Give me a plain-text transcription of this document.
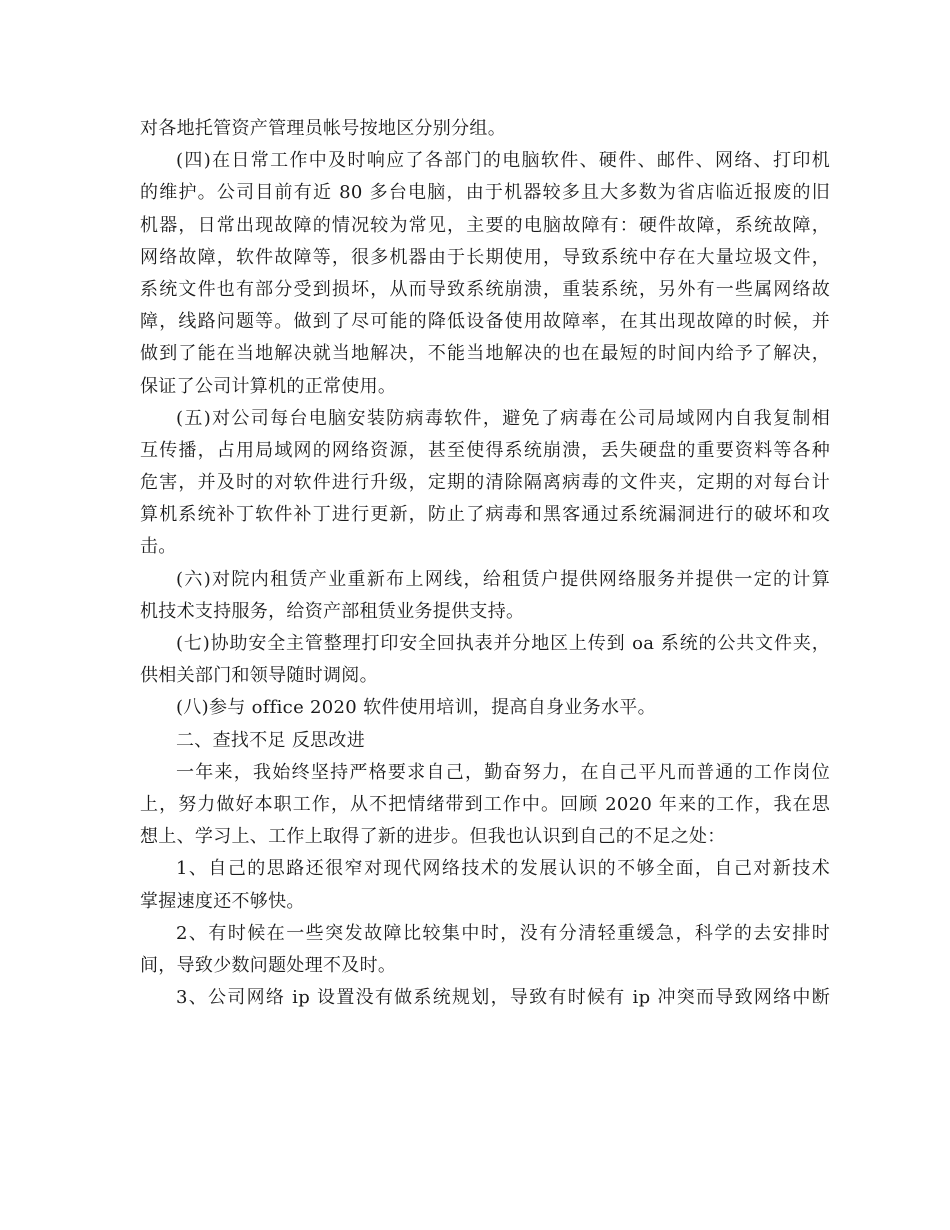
对各地托管资产管理员帐号按地区分别分组。
(四)在日常工作中及时响应了各部门的电脑软件、硬件、邮件、网络、打印机
的维护。公司目前有近 80 多台电脑，由于机器较多且大多数为省店临近报废的旧
机器，日常出现故障的情况较为常见，主要的电脑故障有：硬件故障，系统故障，
网络故障，软件故障等，很多机器由于长期使用，导致系统中存在大量垃圾文件，
系统文件也有部分受到损坏，从而导致系统崩溃，重装系统，另外有一些属网络故
障，线路问题等。做到了尽可能的降低设备使用故障率，在其出现故障的时候，并
做到了能在当地解决就当地解决，不能当地解决的也在最短的时间内给予了解决，
保证了公司计算机的正常使用。
(五)对公司每台电脑安装防病毒软件，避免了病毒在公司局域网内自我复制相
互传播，占用局域网的网络资源，甚至使得系统崩溃，丢失硬盘的重要资料等各种
危害，并及时的对软件进行升级，定期的清除隔离病毒的文件夹，定期的对每台计
算机系统补丁软件补丁进行更新，防止了病毒和黑客通过系统漏洞进行的破坏和攻
击。
(六)对院内租赁产业重新布上网线，给租赁户提供网络服务并提供一定的计算
机技术支持服务，给资产部租赁业务提供支持。
(七)协助安全主管整理打印安全回执表并分地区上传到 oa 系统的公共文件夹，
供相关部门和领导随时调阅。
(八)参与 office 2020 软件使用培训，提高自身业务水平。
二、查找不足 反思改进
一年来，我始终坚持严格要求自己，勤奋努力，在自己平凡而普通的工作岗位
上，努力做好本职工作，从不把情绪带到工作中。回顾 2020 年来的工作，我在思
想上、学习上、工作上取得了新的进步。但我也认识到自己的不足之处：
1、自己的思路还很窄对现代网络技术的发展认识的不够全面，自己对新技术
掌握速度还不够快。
2、有时候在一些突发故障比较集中时，没有分清轻重缓急，科学的去安排时
间，导致少数问题处理不及时。
3、公司网络 ip 设置没有做系统规划，导致有时候有 ip 冲突而导致网络中断
